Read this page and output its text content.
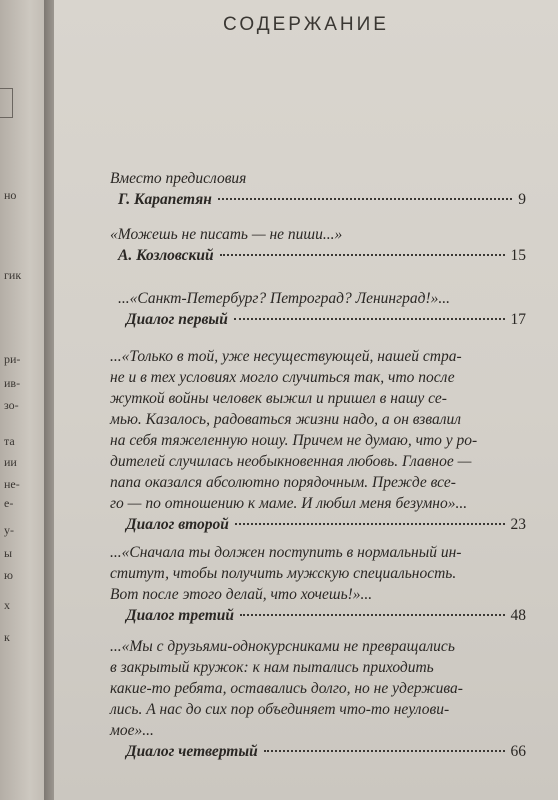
но
гик
ри-
ив-
зо-
та
ии
не-
е-
у-
ы
ю
х
к
СОДЕРЖАНИЕ

Вместо предисловия

Г. Карапетян	9

«Можешь не писать — не пиши...»

А. Козловский	15

...«Санкт-Петербург? Петроград? Ленинград!»...

Диалог первый	17

...«Только в той, уже несуществующей, нашей стра-

не и в тех условиях могло случиться так, что после

жуткой войны человек выжил и пришел в нашу се-

мью. Казалось, радоваться жизни надо, а он взвалил

на себя тяжеленную ношу. Причем не думаю, что у ро-

дителей случилась необыкновенная любовь. Главное —

папа оказался абсолютно порядочным. Прежде все-

го — по отношению к маме. И любил меня безумно»...

Диалог второй	23

...«Сначала ты должен поступить в нормальный ин-

ститут, чтобы получить мужскую специальность.

Вот после этого делай, что хочешь!»...

Диалог третий	48

...«Мы с друзьями-однокурсниками не превращались

в закрытый кружок: к нам пытались приходить

какие-то ребята, оставались долго, но не удержива-

лись. А нас до сих пор объединяет что-то неулови-

мое»...

Диалог четвертый	66
